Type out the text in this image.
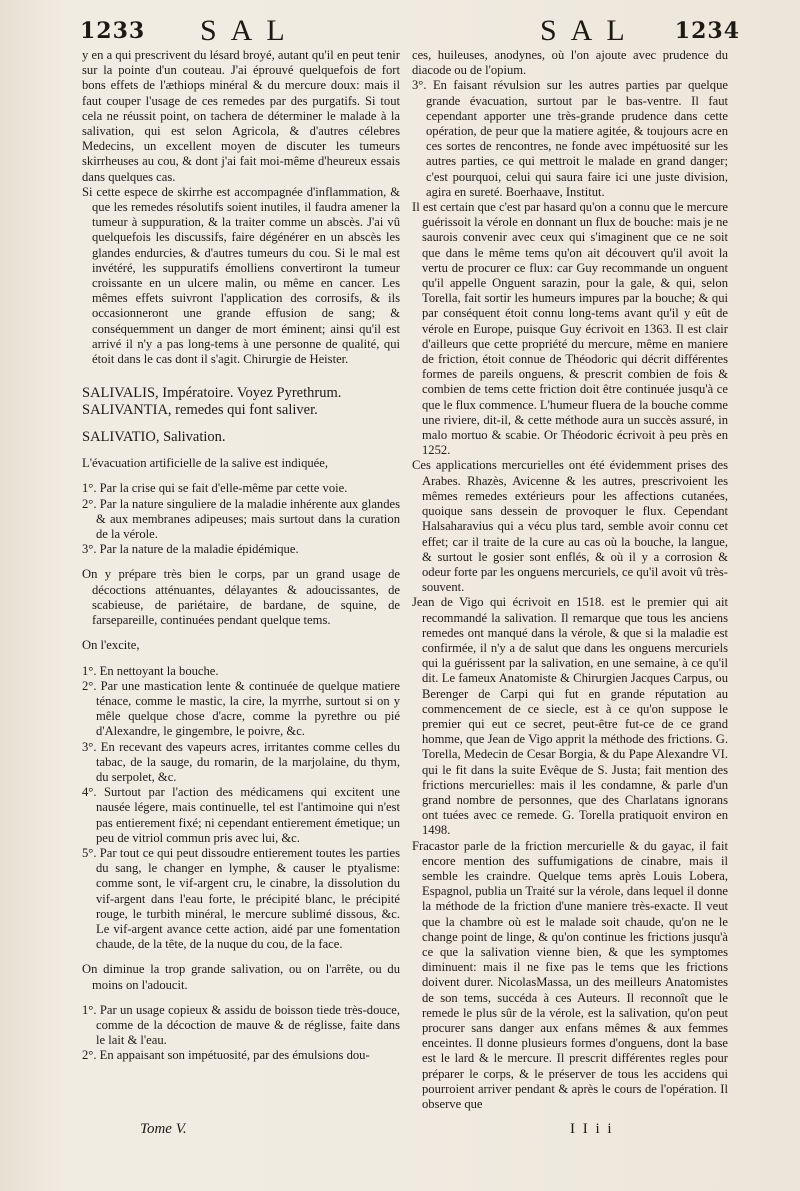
1233 SAL	SAL 1234

y en a qui prescrivent du lésard broyé, autant qu'il en peut tenir sur la pointe d'un couteau. J'ai éprouvé quelquefois de fort bons effets de l'æthiops minéral & du mercure doux: mais il faut couper l'usage de ces remedes par des purgatifs. Si tout cela ne réussit point, on tachera de déterminer le malade à la salivation, qui est selon Agricola, & d'autres célebres Medecins, un excellent moyen de discuter les tumeurs skirrheuses au cou, & dont j'ai fait moi-même d'heureux essais dans quelques cas.

Si cette espece de skirrhe est accompagnée d'inflammation, & que les remedes résolutifs soient inutiles, il faudra amener la tumeur à suppuration, & la traiter comme un abscès. J'ai vû quelquefois les discussifs, faire dégénérer en un abscès les glandes endurcies, & d'autres tumeurs du cou. Si le mal est invétéré, les suppuratifs émolliens convertiront la tumeur croissante en un ulcere malin, ou même en cancer. Les mêmes effets suivront l'application des corrosifs, & ils occasionneront une grande effusion de sang; & conséquemment un danger de mort éminent; ainsi qu'il est arrivé il n'y a pas long-tems à une personne de qualité, qui étoit dans le cas dont il s'agit. Chirurgie de Heister.

SALIVALIS, Impératoire. Voyez Pyrethrum.

SALIVANTIA, remedes qui font saliver.

SALIVATIO, Salivation.

L'évacuation artificielle de la salive est indiquée,

1°. Par la crise qui se fait d'elle-même par cette voie.

2°. Par la nature singuliere de la maladie inhérente aux glandes & aux membranes adipeuses; mais surtout dans la curation de la vérole.

3°. Par la nature de la maladie épidémique.

On y prépare très bien le corps, par un grand usage de décoctions atténuantes, délayantes & adoucissantes, de scabieuse, de pariétaire, de bardane, de squine, de farsepareille, continuées pendant quelque tems.

On l'excite,

1°. En nettoyant la bouche.

2°. Par une mastication lente & continuée de quelque matiere ténace, comme le mastic, la cire, la myrrhe, surtout si on y mêle quelque chose d'acre, comme la pyrethre ou pié d'Alexandre, le gingembre, le poivre, &c.

3°. En recevant des vapeurs acres, irritantes comme celles du tabac, de la sauge, du romarin, de la marjolaine, du thym, du serpolet, &c.

4°. Surtout par l'action des médicamens qui excitent une nausée légere, mais continuelle, tel est l'antimoine qui n'est pas entierement fixé; ni cependant entierement émetique; un peu de vitriol commun pris avec lui, &c.

5°. Par tout ce qui peut dissoudre entierement toutes les parties du sang, le changer en lymphe, & causer le ptyalisme: comme sont, le vif-argent cru, le cinabre, la dissolution du vif-argent dans l'eau forte, le précipité blanc, le précipité rouge, le turbith minéral, le mercure sublimé dissous, &c. Le vif-argent avance cette action, aidé par une fomentation chaude, de la tête, de la nuque du cou, de la face.

On diminue la trop grande salivation, ou on l'arrête, ou du moins on l'adoucit.

1°. Par un usage copieux & assidu de boisson tiede très-douce, comme de la décoction de mauve & de réglisse, faite dans le lait & l'eau.

2°. En appaisant son impétuosité, par des émulsions dou-

ces, huileuses, anodynes, où l'on ajoute avec prudence du diacode ou de l'opium.

3°. En faisant révulsion sur les autres parties par quelque grande évacuation, surtout par le bas-ventre. Il faut cependant apporter une très-grande prudence dans cette opération, de peur que la matiere agitée, & toujours acre en ces sortes de rencontres, ne fonde avec impétuosité sur les autres parties, ce qui mettroit le malade en grand danger; c'est pourquoi, celui qui saura faire ici une juste division, agira en sureté. Boerhaave, Institut.

Il est certain que c'est par hasard qu'on a connu que le mercure guérissoit la vérole en donnant un flux de bouche: mais je ne saurois convenir avec ceux qui s'imaginent que ce ne soit que dans le même tems qu'on ait découvert qu'il avoit la vertu de procurer ce flux: car Guy recommande un onguent qu'il appelle Onguent sarazin, pour la gale, & qui, selon Torella, fait sortir les humeurs impures par la bouche; & qui par conséquent étoit connu long-tems avant qu'il y eût de vérole en Europe, puisque Guy écrivoit en 1363. Il est clair d'ailleurs que cette propriété du mercure, même en maniere de friction, étoit connue de Théodoric qui décrit différentes formes de pareils onguens, & prescrit combien de fois & combien de tems cette friction doit être continuée jusqu'à ce que le flux commence. L'humeur fluera de la bouche comme une riviere, dit-il, & cette méthode aura un succès assuré, in malo mortuo & scabie. Or Théodoric écrivoit à peu près en 1252.

Ces applications mercurielles ont été évidemment prises des Arabes. Rhazès, Avicenne & les autres, prescrivoient les mêmes remedes extérieurs pour les affections cutanées, quoique sans dessein de provoquer le flux. Cependant Halsaharavius qui a vécu plus tard, semble avoir connu cet effet; car il traite de la cure au cas où la bouche, la langue, & surtout le gosier sont enflés, & où il y a corrosion & odeur forte par les onguens mercuriels, ce qu'il avoit vû très-souvent.

Jean de Vigo qui écrivoit en 1518. est le premier qui ait recommandé la salivation. Il remarque que tous les anciens remedes ont manqué dans la vérole, & que si la maladie est confirmée, il n'y a de salut que dans les onguens mercuriels qui la guérissent par la salivation, en une semaine, à ce qu'il dit. Le fameux Anatomiste & Chirurgien Jacques Carpus, ou Berenger de Carpi qui fut en grande réputation au commencement de ce siecle, est à ce qu'on suppose le premier qui eut ce secret, peut-être fut-ce de ce grand homme, que Jean de Vigo apprit la méthode des frictions. G. Torella, Medecin de Cesar Borgia, & du Pape Alexandre VI. qui le fit dans la suite Evêque de S. Justa; fait mention des frictions mercurielles: mais il les condamne, & parle d'un grand nombre de personnes, que des Charlatans ignorans ont tuées avec ce remede. G. Torella pratiquoit environ en 1498.

Fracastor parle de la friction mercurielle & du gayac, il fait encore mention des suffumigations de cinabre, mais il semble les craindre. Quelque tems après Louis Lobera, Espagnol, publia un Traité sur la vérole, dans lequel il donne la méthode de la friction d'une maniere très-exacte. Il veut que la chambre où est le malade soit chaude, qu'on ne le change point de linge, & qu'on continue les frictions jusqu'à ce que la salivation vienne bien, & que les symptomes diminuent: mais il ne fixe pas le tems que les frictions doivent durer. NicolasMassa, un des meilleurs Anatomistes de son tems, succéda à ces Auteurs. Il reconnoît que le remede le plus sûr de la vérole, est la salivation, qu'on peut procurer sans danger aux enfans mêmes & aux femmes enceintes. Il donne plusieurs formes d'onguens, dont la base est le lard & le mercure. Il prescrit différentes regles pour préparer le corps, & le préserver de tous les accidens qui pourroient arriver pendant & après le cours de l'opération. Il observe que

Tome V.	I I i i
